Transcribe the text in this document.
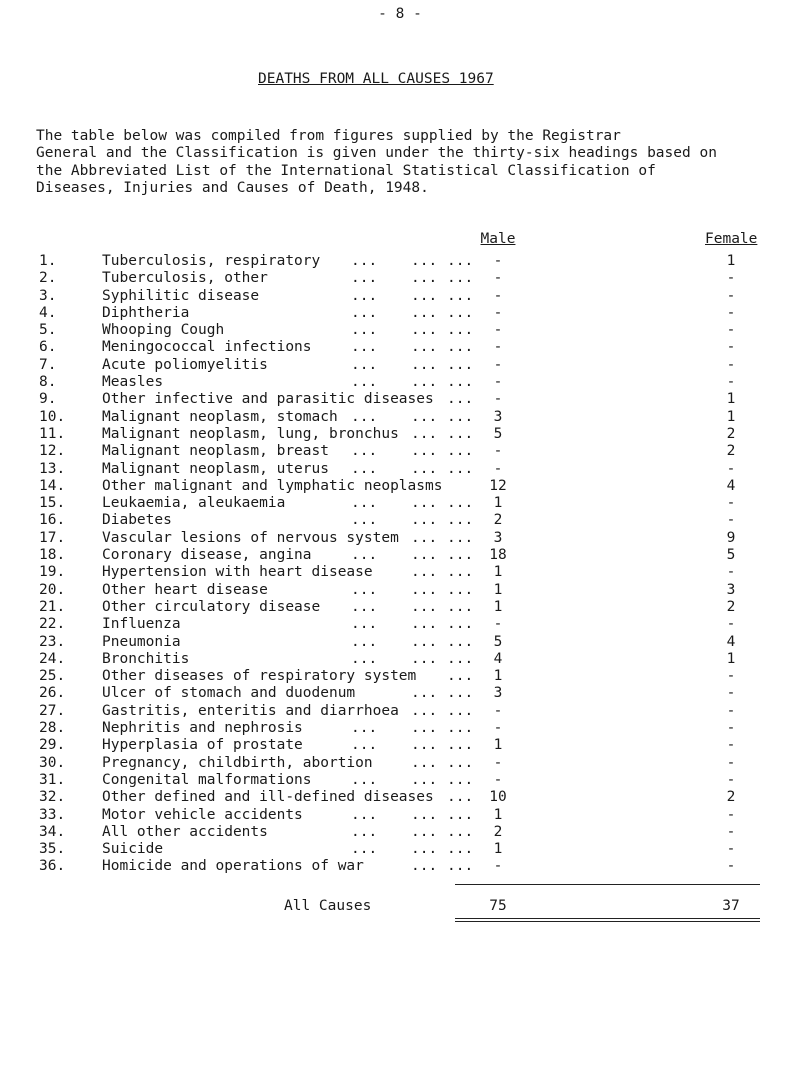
- 8 -
DEATHS FROM ALL CAUSES 1967
The table below was compiled from figures supplied by the Registrar
General and the Classification is given under the thirty-six headings based on
the Abbreviated List of the International Statistical Classification of
Diseases, Injuries and Causes of Death, 1948.
Male	Female
1.	Tuberculosis, respiratory ... ... ...	-	1
2.	Tuberculosis, other	... ... ...	-	-
3.	Syphilitic disease	... ... ...	-	-
4.	Diphtheria	... ... ...	-	-
5.	Whooping Cough	... ... ...	-	-
6.	Meningococcal infections	... ... ...	-	-
7.	Acute poliomyelitis	... ... ...	-	-
8.	Measles	... ... ...	-	-
9.	Other infective and parasitic diseases ...	-	1
10.	Malignant neoplasm, stomach ... ... ...	3	1
11.	Malignant neoplasm, lung, bronchus ... ...	5	2
12.	Malignant neoplasm, breast ... ... ...	-	2
13.	Malignant neoplasm, uterus ... ... ...	-	-
14.	Other malignant and lymphatic neoplasms	12	4
15.	Leukaemia, aleukaemia	... ... ...	1	-
16.	Diabetes	... ... ...	2	-
17.	Vascular lesions of nervous system ... ...	3	9
18.	Coronary disease, angina	... ... ...	18	5
19.	Hypertension with heart disease	... ...	1	-
20.	Other heart disease	... ... ...	1	3
21.	Other circulatory disease ... ... ...	1	2
22.	Influenza	... ... ...	-	-
23.	Pneumonia	... ... ...	5	4
24.	Bronchitis	... ... ...	4	1
25.	Other diseases of respiratory system ...	1	-
26.	Ulcer of stomach and duodenum	... ...	3	-
27.	Gastritis, enteritis and diarrhoea ... ...	-	-
28.	Nephritis and nephrosis	... ... ...	-	-
29.	Hyperplasia of prostate	... ... ...	1	-
30.	Pregnancy, childbirth, abortion	... ...	-	-
31.	Congenital malformations	... ... ...	-	-
32.	Other defined and ill-defined diseases ...	10	2
33.	Motor vehicle accidents	... ... ...	1	-
34.	All other accidents	... ... ...	2	-
35.	Suicide	... ... ...	1	-
36.	Homicide and operations of war	... ...	-	-
All Causes	75	37
